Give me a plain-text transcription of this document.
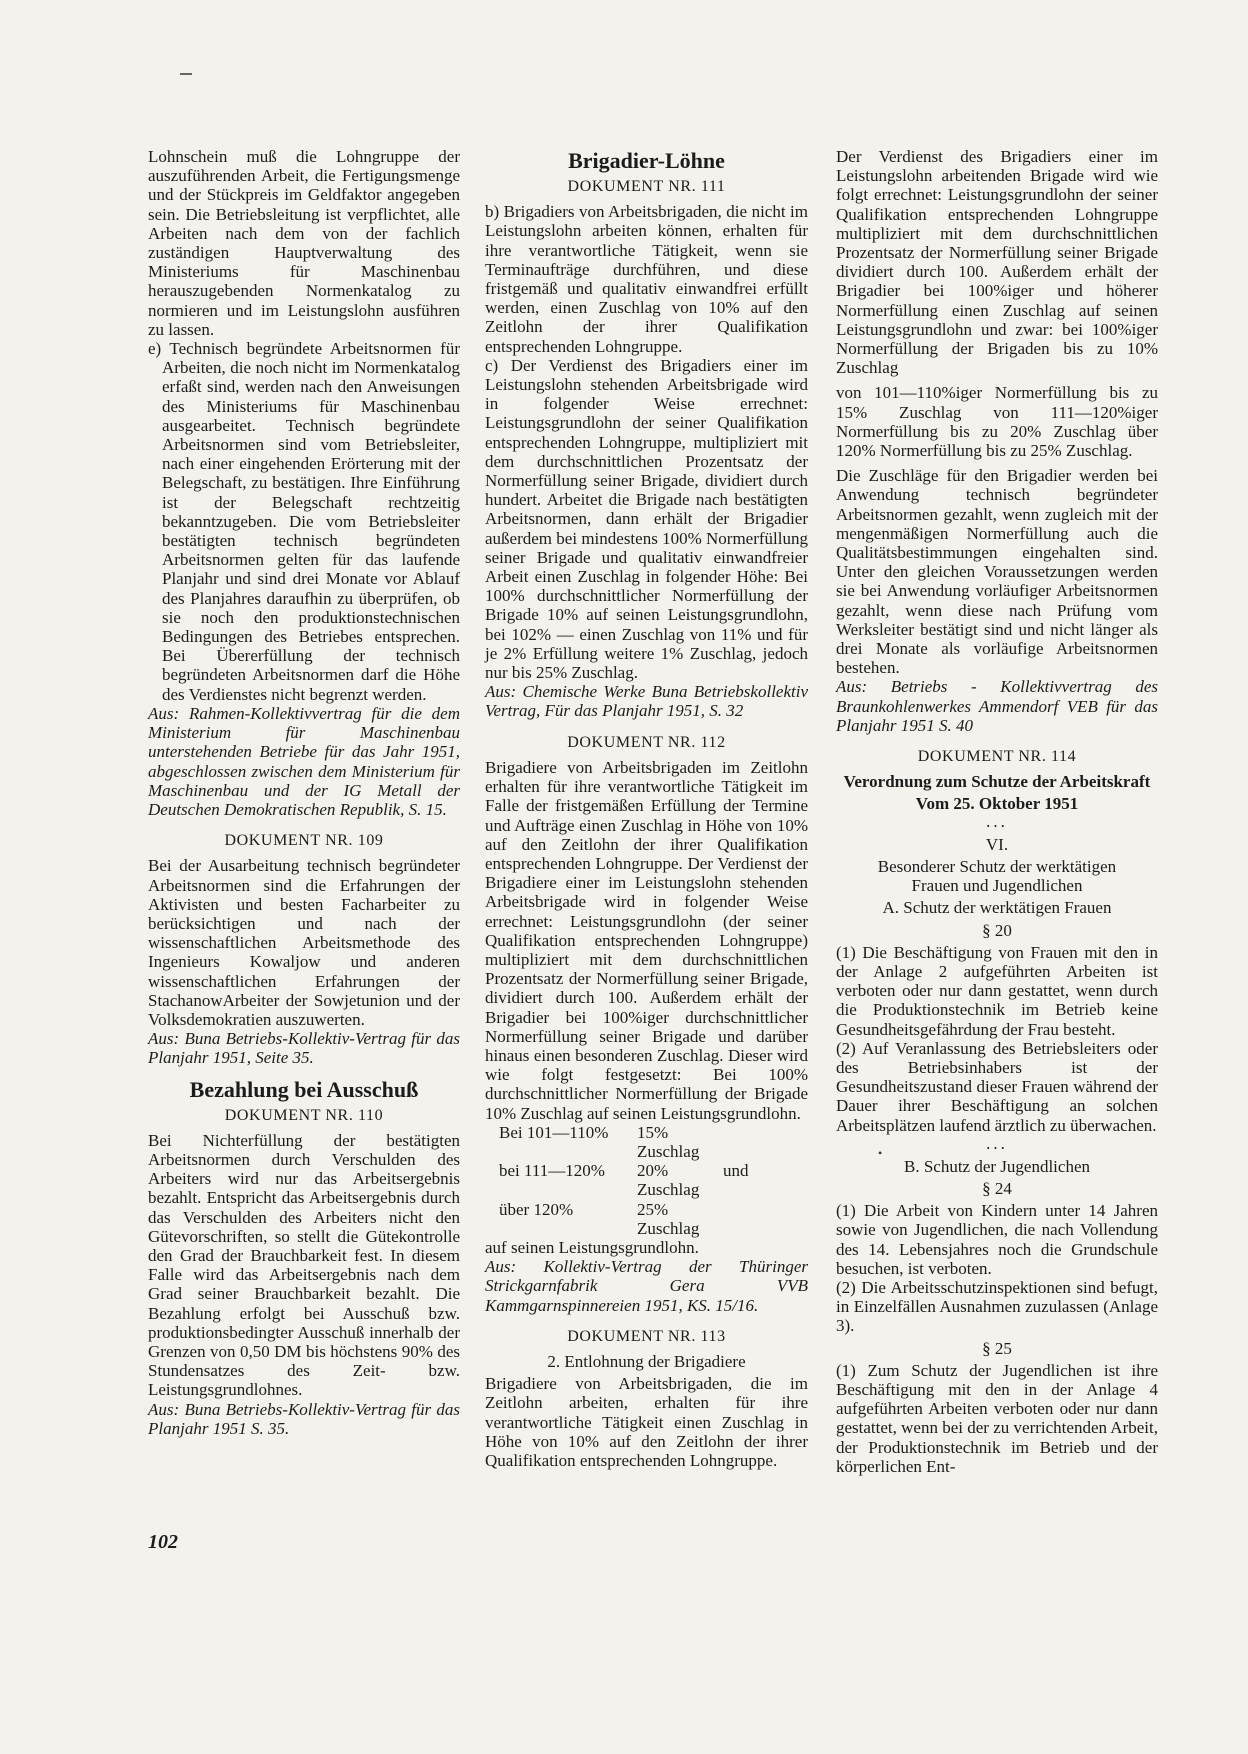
Lohnschein muß die Lohngruppe der auszuführenden Arbeit, die Fertigungsmenge und der Stückpreis im Geldfaktor angegeben sein. Die Betriebsleitung ist verpflichtet, alle Arbeiten nach dem von der fachlich zuständigen Hauptverwaltung des Ministeriums für Maschinenbau herauszugebenden Normenkatalog zu normieren und im Leistungslohn ausführen zu lassen.

e) Technisch begründete Arbeitsnormen für Arbeiten, die noch nicht im Normenkatalog erfaßt sind, werden nach den Anweisungen des Ministeriums für Maschinenbau ausgearbeitet. Technisch begründete Arbeitsnormen sind vom Betriebsleiter, nach einer eingehenden Erörterung mit der Belegschaft, zu bestätigen. Ihre Einführung ist der Belegschaft rechtzeitig bekanntzugeben. Die vom Betriebsleiter bestätigten technisch begründeten Arbeitsnormen gelten für das laufende Planjahr und sind drei Monate vor Ablauf des Planjahres daraufhin zu überprüfen, ob sie noch den produktionstechnischen Bedingungen des Betriebes entsprechen. Bei Übererfüllung der technisch begründeten Arbeitsnormen darf die Höhe des Verdienstes nicht begrenzt werden.

Aus: Rahmen-Kollektivvertrag für die dem Ministerium für Maschinenbau unterstehenden Betriebe für das Jahr 1951, abgeschlossen zwischen dem Ministerium für Maschinenbau und der IG Metall der Deutschen Demokratischen Republik, S. 15.

DOKUMENT NR. 109

Bei der Ausarbeitung technisch begründeter Arbeitsnormen sind die Erfahrungen der Aktivisten und besten Facharbeiter zu berücksichtigen und nach der wissenschaftlichen Arbeitsmethode des Ingenieurs Kowaljow und anderen wissenschaftlichen Erfahrungen der StachanowArbeiter der Sowjetunion und der Volksdemokratien auszuwerten.

Aus: Buna Betriebs-Kollektiv-Vertrag für das Planjahr 1951, Seite 35.

Bezahlung bei Ausschuß
DOKUMENT NR. 110

Bei Nichterfüllung der bestätigten Arbeitsnormen durch Verschulden des Arbeiters wird nur das Arbeitsergebnis bezahlt. Entspricht das Arbeitsergebnis durch das Verschulden des Arbeiters nicht den Gütevorschriften, so stellt die Gütekontrolle den Grad der Brauchbarkeit fest. In diesem Falle wird das Arbeitsergebnis nach dem Grad seiner Brauchbarkeit bezahlt. Die Bezahlung erfolgt bei Ausschuß bzw. produktionsbedingter Ausschuß innerhalb der Grenzen von 0,50 DM bis höchstens 90% des Stundensatzes des Zeit- bzw. Leistungsgrundlohnes.

Aus: Buna Betriebs-Kollektiv-Vertrag für das Planjahr 1951 S. 35.

Brigadier-Löhne
DOKUMENT NR. 111

b) Brigadiers von Arbeitsbrigaden, die nicht im Leistungslohn arbeiten können, erhalten für ihre verantwortliche Tätigkeit, wenn sie Terminaufträge durchführen, und diese fristgemäß und qualitativ einwandfrei erfüllt werden, einen Zuschlag von 10% auf den Zeitlohn der ihrer Qualifikation entsprechenden Lohngruppe.

c) Der Verdienst des Brigadiers einer im Leistungslohn stehenden Arbeitsbrigade wird in folgender Weise errechnet: Leistungsgrundlohn der seiner Qualifikation entsprechenden Lohngruppe, multipliziert mit dem durchschnittlichen Prozentsatz der Normerfüllung seiner Brigade, dividiert durch hundert. Arbeitet die Brigade nach bestätigten Arbeitsnormen, dann erhält der Brigadier außerdem bei mindestens 100% Normerfüllung seiner Brigade und qualitativ einwandfreier Arbeit einen Zuschlag in folgender Höhe: Bei 100% durchschnittlicher Normerfüllung der Brigade 10% auf seinen Leistungsgrundlohn, bei 102% — einen Zuschlag von 11% und für je 2% Erfüllung weitere 1% Zuschlag, jedoch nur bis 25% Zuschlag.

Aus: Chemische Werke Buna Betriebskollektiv Vertrag, Für das Planjahr 1951, S. 32

DOKUMENT NR. 112

Brigadiere von Arbeitsbrigaden im Zeitlohn erhalten für ihre verantwortliche Tätigkeit im Falle der fristgemäßen Erfüllung der Termine und Aufträge einen Zuschlag in Höhe von 10% auf den Zeitlohn der ihrer Qualifikation entsprechenden Lohngruppe. Der Verdienst der Brigadiere einer im Leistungslohn stehenden Arbeitsbrigade wird in folgender Weise errechnet: Leistungsgrundlohn (der seiner Qualifikation entsprechenden Lohngruppe) multipliziert mit dem durchschnittlichen Prozentsatz der Normerfüllung seiner Brigade, dividiert durch 100. Außerdem erhält der Brigadier bei 100%iger durchschnittlicher Normerfüllung seiner Brigade und darüber hinaus einen besonderen Zuschlag. Dieser wird wie folgt festgesetzt: Bei 100% durchschnittlicher Normerfüllung der Brigade 10% Zuschlag auf seinen Leistungsgrundlohn.

Bei 101—110%	15% Zuschlag
bei 111—120%	20% Zuschlag
und
über 120%	25% Zuschlag

auf seinen Leistungsgrundlohn.

Aus: Kollektiv-Vertrag der Thüringer Strickgarnfabrik Gera VVB Kammgarnspinnereien 1951, KS. 15/16.

DOKUMENT NR. 113
2. Entlohnung der Brigadiere

Brigadiere von Arbeitsbrigaden, die im Zeitlohn arbeiten, erhalten für ihre verantwortliche Tätigkeit einen Zuschlag in Höhe von 10% auf den Zeitlohn der ihrer Qualifikation entsprechenden Lohngruppe.

Der Verdienst des Brigadiers einer im Leistungslohn arbeitenden Brigade wird wie folgt errechnet: Leistungsgrundlohn der seiner Qualifikation entsprechenden Lohngruppe multipliziert mit dem durchschnittlichen Prozentsatz der Normerfüllung seiner Brigade dividiert durch 100. Außerdem erhält der Brigadier bei 100%iger und höherer Normerfüllung einen Zuschlag auf seinen Leistungsgrundlohn und zwar: bei 100%iger Normerfüllung der Brigaden bis zu 10% Zuschlag

von 101—110%iger Normerfüllung bis zu 15% Zuschlag von 111—120%iger Normerfüllung bis zu 20% Zuschlag über 120% Normerfüllung bis zu 25% Zuschlag.

Die Zuschläge für den Brigadier werden bei Anwendung technisch begründeter Arbeitsnormen gezahlt, wenn zugleich mit der mengenmäßigen Normerfüllung auch die Qualitätsbestimmungen eingehalten sind. Unter den gleichen Voraussetzungen werden sie bei Anwendung vorläufiger Arbeitsnormen gezahlt, wenn diese nach Prüfung vom Werksleiter bestätigt sind und nicht länger als drei Monate als vorläufige Arbeitsnormen bestehen.

Aus: Betriebs - Kollektivvertrag des Braunkohlenwerkes Ammendorf VEB für das Planjahr 1951 S. 40

DOKUMENT NR. 114
Verordnung zum Schutze der Arbeitskraft
Vom 25. Oktober 1951
...
VI.
Besonderer Schutz der werktätigen
Frauen und Jugendlichen
A. Schutz der werktätigen Frauen
§ 20

(1) Die Beschäftigung von Frauen mit den in der Anlage 2 aufgeführten Arbeiten ist verboten oder nur dann gestattet, wenn durch die Produktionstechnik im Betrieb keine Gesundheitsgefährdung der Frau besteht.

(2) Auf Veranlassung des Betriebsleiters oder des Betriebsinhabers ist der Gesundheitszustand dieser Frauen während der Dauer ihrer Beschäftigung an solchen Arbeitsplätzen laufend ärztlich zu überwachen.

...
B. Schutz der Jugendlichen
§ 24

(1) Die Arbeit von Kindern unter 14 Jahren sowie von Jugendlichen, die nach Vollendung des 14. Lebensjahres noch die Grundschule besuchen, ist verboten.

(2) Die Arbeitsschutzinspektionen sind befugt, in Einzelfällen Ausnahmen zuzulassen (Anlage 3).

§ 25

(1) Zum Schutz der Jugendlichen ist ihre Beschäftigung mit den in der Anlage 4 aufgeführten Arbeiten verboten oder nur dann gestattet, wenn bei der zu verrichtenden Arbeit, der Produktionstechnik im Betrieb und der körperlichen Ent-

•
102
